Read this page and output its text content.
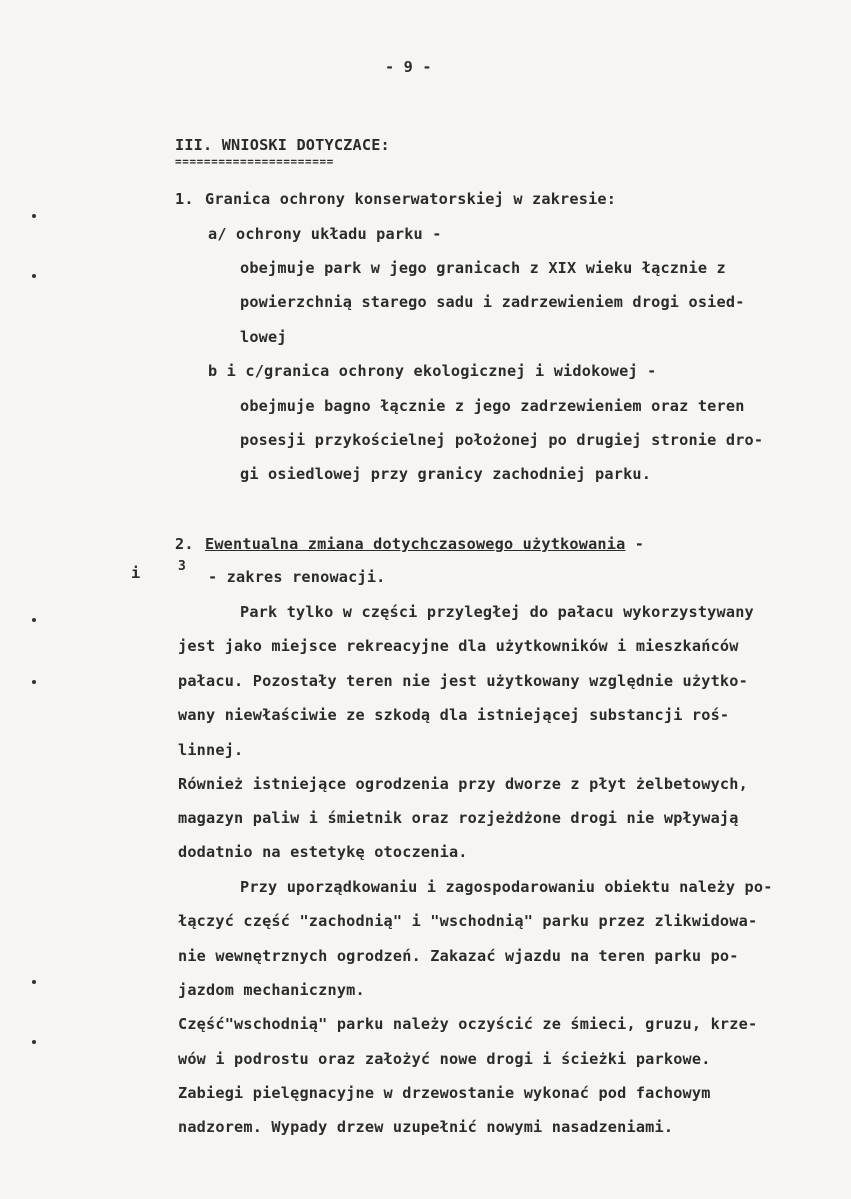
- 9 -
III. WNIOSKI DOTYCZACE:
======================
1. Granica ochrony konserwatorskiej w zakresie:
a/ ochrony układu parku -
obejmuje park w jego granicach z XIX wieku łącznie z
powierzchnią starego sadu i zadrzewieniem drogi osied-
lowej
b i c/granica ochrony ekologicznej i widokowej -
obejmuje bagno łącznie z jego zadrzewieniem oraz teren
posesji przykościelnej położonej po drugiej stronie dro-
gi osiedlowej przy granicy zachodniej parku.
2. Ewentualna zmiana dotychczasowego użytkowania -
i	3
- zakres renowacji.
Park tylko w części przyległej do pałacu wykorzystywany
jest jako miejsce rekreacyjne dla użytkowników i mieszkańców
pałacu. Pozostały teren nie jest użytkowany względnie użytko-
wany niewłaściwie ze szkodą dla istniejącej substancji roś-
linnej.
Również istniejące ogrodzenia przy dworze z płyt żelbetowych,
magazyn paliw i śmietnik oraz rozjeżdżone drogi nie wpływają
dodatnio na estetykę otoczenia.
Przy uporządkowaniu i zagospodarowaniu obiektu należy po-
łączyć część "zachodnią" i "wschodnią" parku przez zlikwidowa-
nie wewnętrznych ogrodzeń. Zakazać wjazdu na teren parku po-
jazdom mechanicznym.
Część"wschodnią" parku należy oczyścić ze śmieci, gruzu, krze-
wów i podrostu oraz założyć nowe drogi i ścieżki parkowe.
Zabiegi pielęgnacyjne w drzewostanie wykonać pod fachowym
nadzorem. Wypady drzew uzupełnić nowymi nasadzeniami.
